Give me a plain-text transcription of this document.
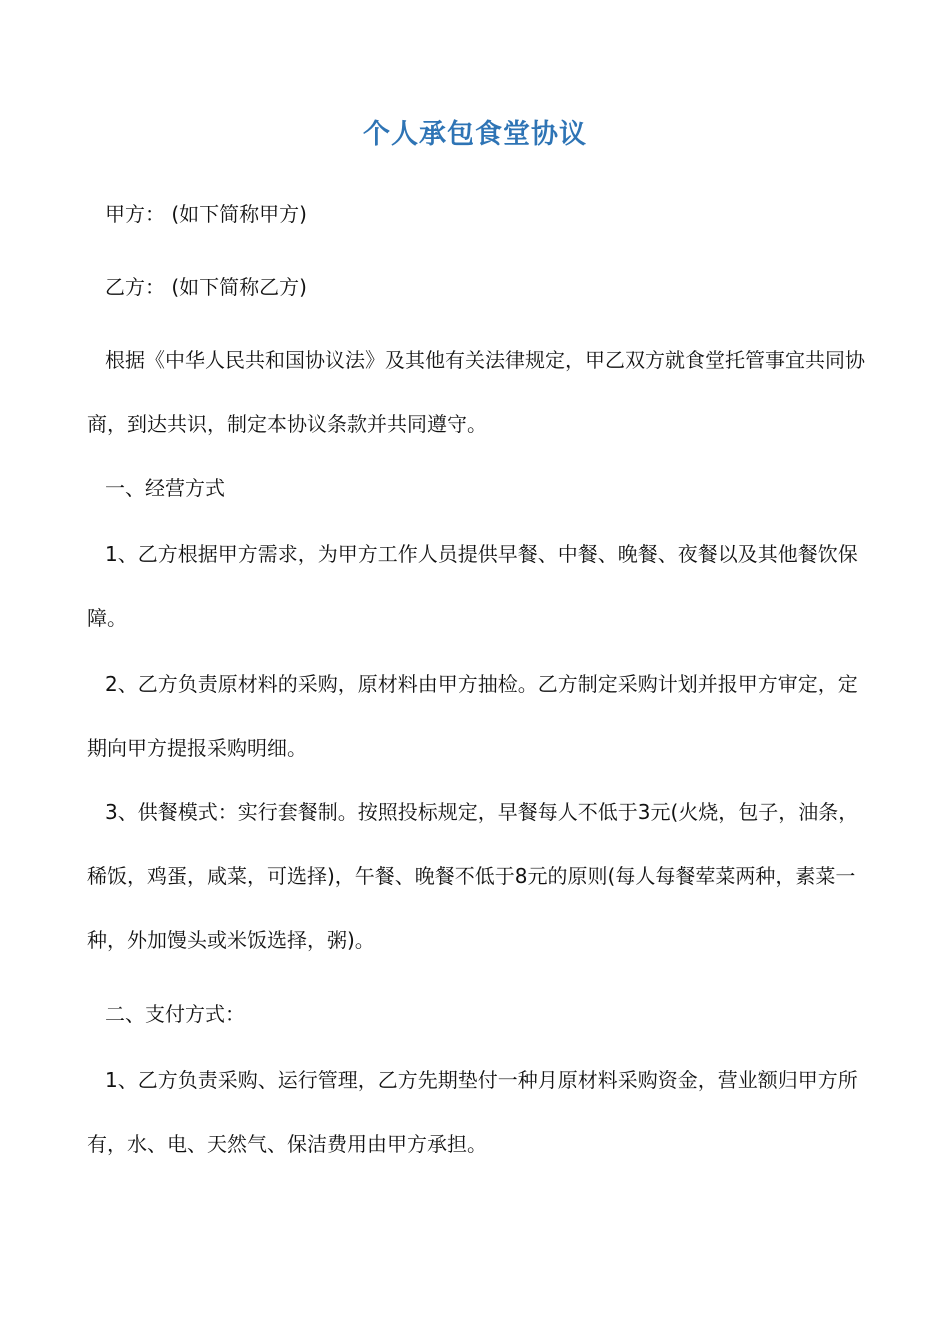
个人承包食堂协议
甲方： (如下简称甲方)
乙方： (如下简称乙方)
根据《中华人民共和国协议法》及其他有关法律规定，甲乙双方就食堂托管事宜共同协商，到达共识，制定本协议条款并共同遵守。
一、经营方式
1、乙方根据甲方需求，为甲方工作人员提供早餐、中餐、晚餐、夜餐以及其他餐饮保障。
2、乙方负责原材料的采购，原材料由甲方抽检。乙方制定采购计划并报甲方审定，定期向甲方提报采购明细。
3、供餐模式：实行套餐制。按照投标规定，早餐每人不低于3元(火烧，包子，油条，稀饭，鸡蛋，咸菜，可选择)，午餐、晚餐不低于8元的原则(每人每餐荤菜两种，素菜一种，外加馒头或米饭选择，粥)。
二、支付方式：
1、乙方负责采购、运行管理，乙方先期垫付一种月原材料采购资金，营业额归甲方所有，水、电、天然气、保洁费用由甲方承担。
